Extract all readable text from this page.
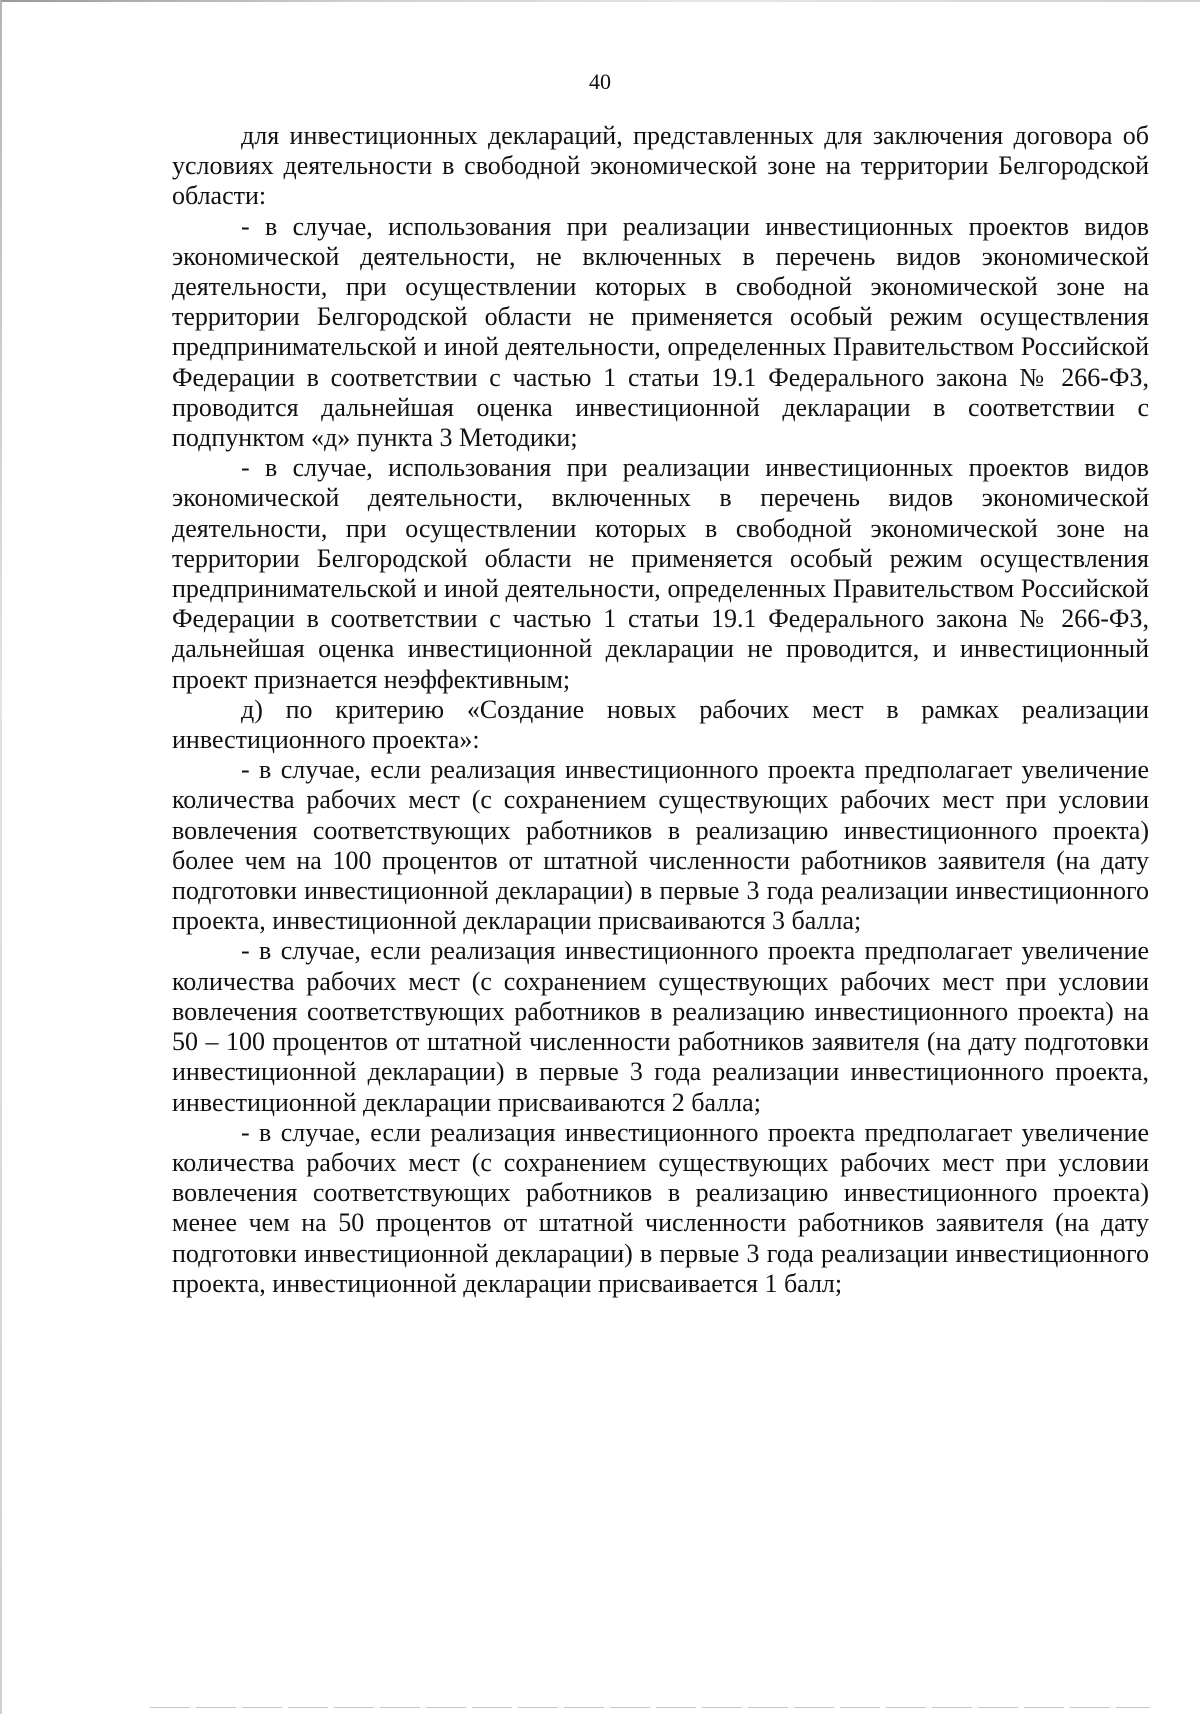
40

для инвестиционных деклараций, представленных для заключения договора об условиях деятельности в свободной экономической зоне на территории Белгородской области:

- в случае, использования при реализации инвестиционных проектов видов экономической деятельности, не включенных в перечень видов экономической деятельности, при осуществлении которых в свободной экономической зоне на территории Белгородской области не применяется особый режим осуществления предпринимательской и иной деятельности, определенных Правительством Российской Федерации в соответствии с частью 1 статьи 19.1 Федерального закона № 266-ФЗ, проводится дальнейшая оценка инвестиционной декларации в соответствии с подпунктом «д» пункта 3 Методики;

- в случае, использования при реализации инвестиционных проектов видов экономической деятельности, включенных в перечень видов экономической деятельности, при осуществлении которых в свободной экономической зоне на территории Белгородской области не применяется особый режим осуществления предпринимательской и иной деятельности, определенных Правительством Российской Федерации в соответствии с частью 1 статьи 19.1 Федерального закона № 266-ФЗ, дальнейшая оценка инвестиционной декларации не проводится, и инвестиционный проект признается неэффективным;

д) по критерию «Создание новых рабочих мест в рамках реализации инвестиционного проекта»:

- в случае, если реализация инвестиционного проекта предполагает увеличение количества рабочих мест (с сохранением существующих рабочих мест при условии вовлечения соответствующих работников в реализацию инвестиционного проекта) более чем на 100 процентов от штатной численности работников заявителя (на дату подготовки инвестиционной декларации) в первые 3 года реализации инвестиционного проекта, инвестиционной декларации присваиваются 3 балла;

- в случае, если реализация инвестиционного проекта предполагает увеличение количества рабочих мест (с сохранением существующих рабочих мест при условии вовлечения соответствующих работников в реализацию инвестиционного проекта) на 50 – 100 процентов от штатной численности работников заявителя (на дату подготовки инвестиционной декларации) в первые 3 года реализации инвестиционного проекта, инвестиционной декларации присваиваются 2 балла;

- в случае, если реализация инвестиционного проекта предполагает увеличение количества рабочих мест (с сохранением существующих рабочих мест при условии вовлечения соответствующих работников в реализацию инвестиционного проекта) менее чем на 50 процентов от штатной численности работников заявителя (на дату подготовки инвестиционной декларации) в первые 3 года реализации инвестиционного проекта, инвестиционной декларации присваивается 1 балл;
